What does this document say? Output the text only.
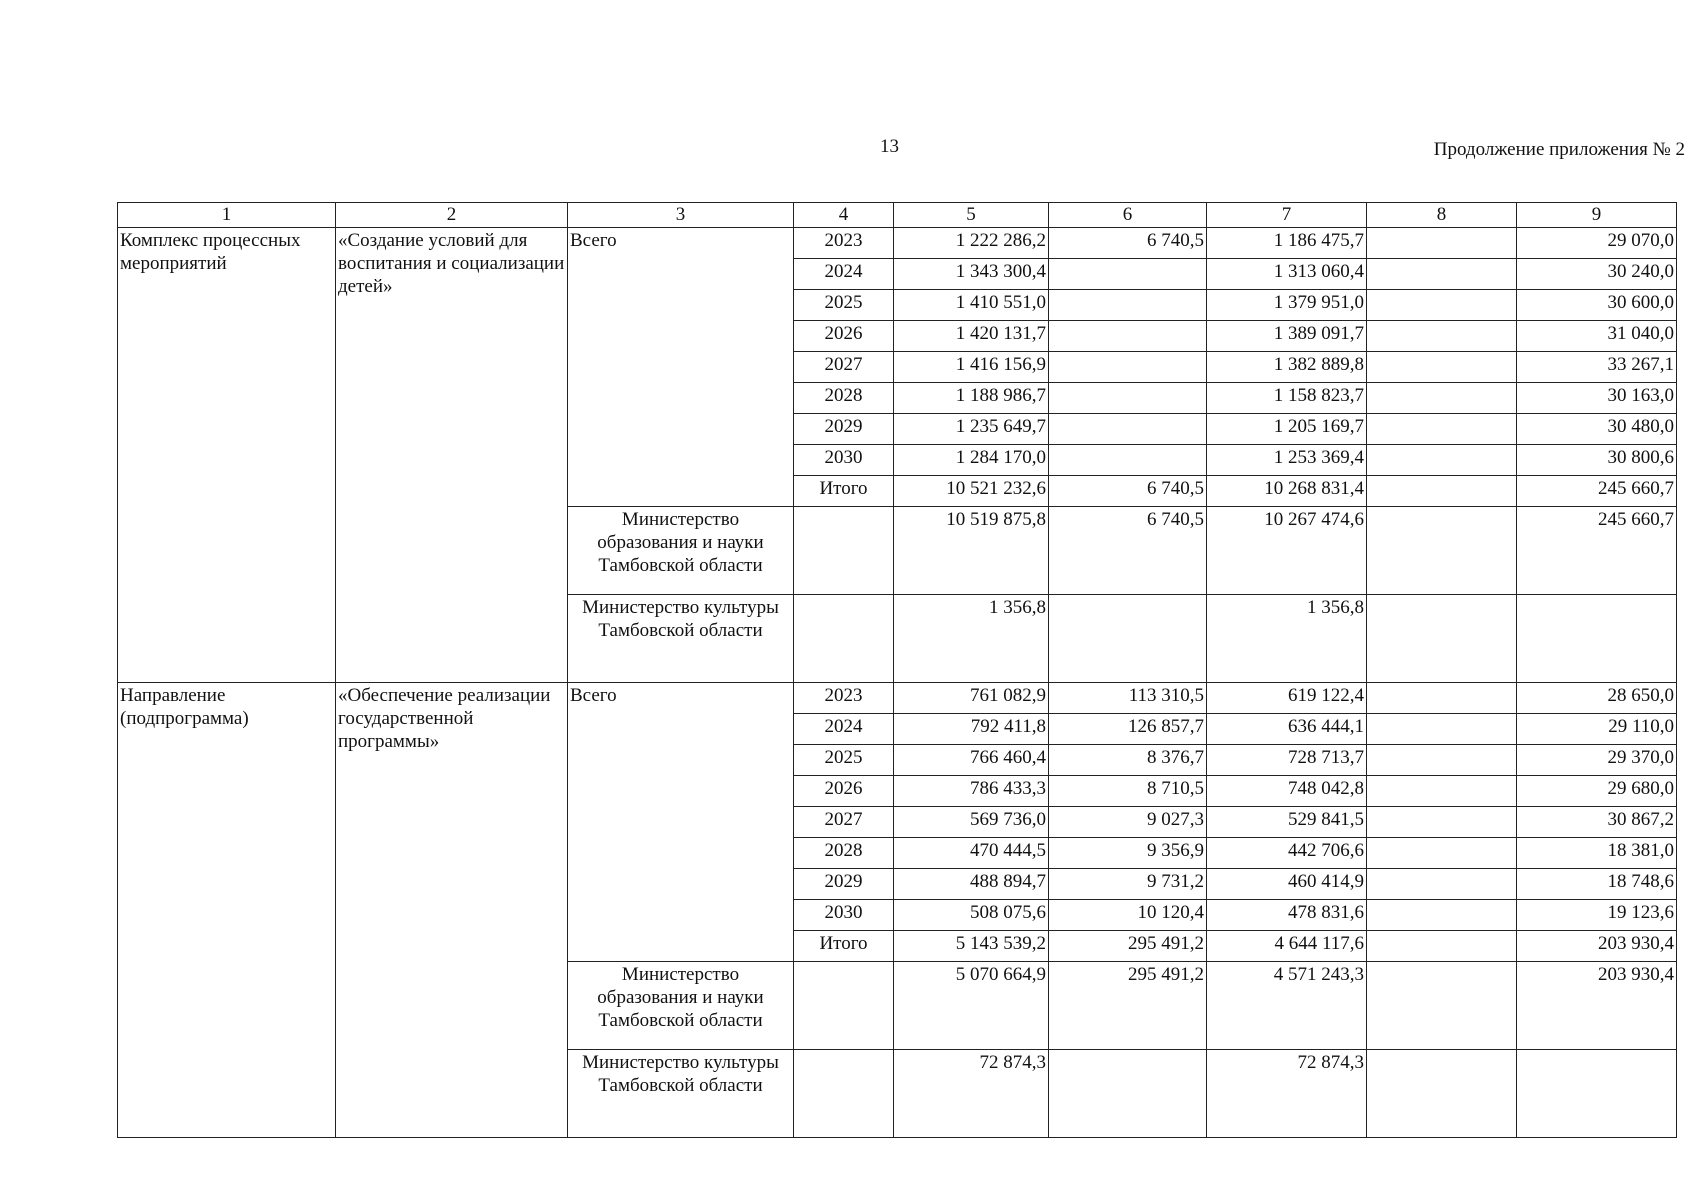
13	Продолжение приложения № 2
1	2	3	4	5	6	7	8	9
Комплекс процессных мероприятий	«Создание условий для воспитания и социализации детей»	Всего	2023	1 222 286,2	6 740,5	1 186 475,7		29 070,0
			2024	1 343 300,4		1 313 060,4		30 240,0
			2025	1 410 551,0		1 379 951,0		30 600,0
			2026	1 420 131,7		1 389 091,7		31 040,0
			2027	1 416 156,9		1 382 889,8		33 267,1
			2028	1 188 986,7		1 158 823,7		30 163,0
			2029	1 235 649,7		1 205 169,7		30 480,0
			2030	1 284 170,0		1 253 369,4		30 800,6
			Итого	10 521 232,6	6 740,5	10 268 831,4		245 660,7
		Министерство образования и науки Тамбовской области		10 519 875,8	6 740,5	10 267 474,6		245 660,7
		Министерство культуры Тамбовской области		1 356,8		1 356,8		
Направление (подпрограмма)	«Обеспечение реализации государственной программы»	Всего	2023	761 082,9	113 310,5	619 122,4		28 650,0
			2024	792 411,8	126 857,7	636 444,1		29 110,0
			2025	766 460,4	8 376,7	728 713,7		29 370,0
			2026	786 433,3	8 710,5	748 042,8		29 680,0
			2027	569 736,0	9 027,3	529 841,5		30 867,2
			2028	470 444,5	9 356,9	442 706,6		18 381,0
			2029	488 894,7	9 731,2	460 414,9		18 748,6
			2030	508 075,6	10 120,4	478 831,6		19 123,6
			Итого	5 143 539,2	295 491,2	4 644 117,6		203 930,4
		Министерство образования и науки Тамбовской области		5 070 664,9	295 491,2	4 571 243,3		203 930,4
		Министерство культуры Тамбовской области		72 874,3		72 874,3		
